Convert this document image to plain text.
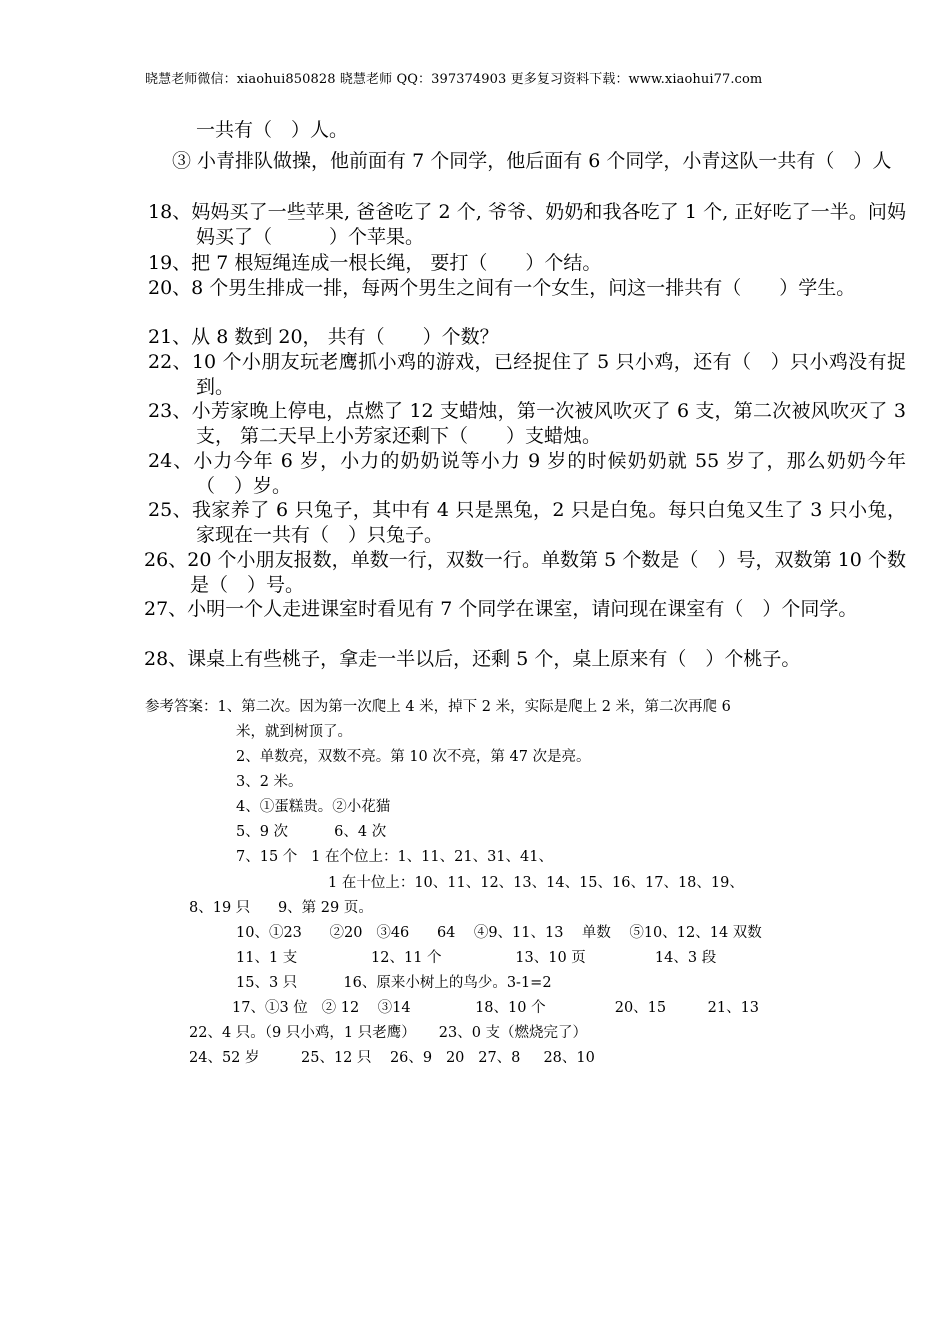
晓慧老师微信：xiaohui850828 晓慧老师 QQ：397374903 更多复习资料下载：www.xiaohui77.com
一共有（　）人。
③ 小青排队做操，他前面有 7 个同学，他后面有 6 个同学，小青这队一共有（　）人
18、妈妈买了一些苹果, 爸爸吃了 2 个, 爷爷、奶奶和我各吃了 1 个, 正好吃了一半。问妈妈买了（　　　）个苹果。
19、把 7 根短绳连成一根长绳， 要打（　　）个结。
20、8 个男生排成一排，每两个男生之间有一个女生，问这一排共有（　　）学生。
21、从 8 数到 20， 共有（　　）个数？
22、10 个小朋友玩老鹰抓小鸡的游戏，已经捉住了 5 只小鸡，还有（　）只小鸡没有捉到。
23、小芳家晚上停电，点燃了 12 支蜡烛，第一次被风吹灭了 6 支，第二次被风吹灭了 3 支， 第二天早上小芳家还剩下（　　）支蜡烛。
24、小力今年 6 岁，小力的奶奶说等小力 9 岁的时候奶奶就 55 岁了，那么奶奶今年（　）岁。
25、我家养了 6 只兔子，其中有 4 只是黑兔，2 只是白兔。每只白兔又生了 3 只小兔，家现在一共有（　）只兔子。
26、20 个小朋友报数，单数一行，双数一行。单数第 5 个数是（　）号，双数第 10 个数是（　）号。
27、小明一个人走进课室时看见有 7 个同学在课室，请问现在课室有（　）个同学。
28、课桌上有些桃子，拿走一半以后，还剩 5 个，桌上原来有（　）个桃子。
参考答案：1、第二次。因为第一次爬上 4 米，掉下 2 米，实际是爬上 2 米，第二次再爬 6
米，就到树顶了。
2、单数亮，双数不亮。第 10 次不亮，第 47 次是亮。
3、2 米。
4、①蛋糕贵。②小花猫
5、9 次          6、4 次
7、15 个   1 在个位上：1、11、21、31、41、
1 在十位上：10、11、12、13、14、15、16、17、18、19、
8、19 只      9、第 29 页。
10、①23      ②20   ③46      64    ④9、11、13    单数    ⑤10、12、14 双数
11、1 支                12、11 个                13、10 页               14、3 段
15、3 只          16、原来小树上的鸟少。3-1=2
17、①3 位   ② 12    ③14              18、10 个               20、15         21、13
22、4 只。（9 只小鸡，1 只老鹰）     23、0 支（燃烧完了）
24、52 岁         25、12 只    26、9   20   27、8     28、10
